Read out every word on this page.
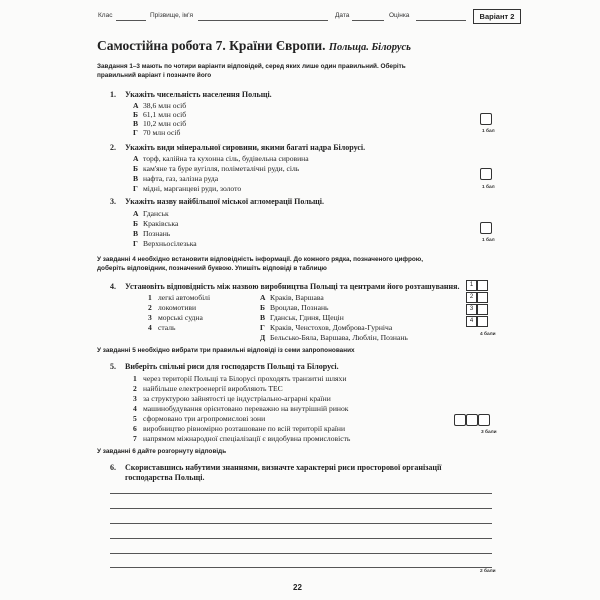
Клас	Прізвище, ім'я	Дата	Оцінка	Варіант 2
Самостійна робота 7. Країни Європи. Польща. Білорусь
Завдання 1–3 мають по чотири варіанти відповідей, серед яких лише один правильний. Оберіть
правильний варіант і позначте його
1. Укажіть чисельність населення Польщі.
А 38,6 млн осіб
Б 61,1 млн осіб
В 10,2 млн осіб
Г 70 млн осіб	1 бал
2. Укажіть види мінеральної сировини, якими багаті надра Білорусі.
А торф, калійна та кухонна сіль, будівельна сировина
Б кам'яне та буре вугілля, поліметалічні руди, сіль
В нафта, газ, залізна руда
Г мідні, марганцеві руди, золото	1 бал
3. Укажіть назву найбільшої міської агломерації Польщі.
А Гданськ
Б Краківська
В Познань
Г Верхньосілезька	1 бал
У завданні 4 необхідно встановити відповідність інформації. До кожного рядка, позначеного цифрою,
доберіть відповідник, позначений буквою. Упишіть відповіді в таблицю
4. Установіть відповідність між назвою виробництва Польщі та центрами його розташування.
1 легкі автомобілі
2 локомотиви
3 морські судна
4 сталь
А Краків, Варшава
Б Вроцлав, Познань
В Гданськ, Гдиня, Щецін
Г Краків, Ченстохов, Домброва-Гурнiча
Д Бельсько-Бяла, Варшава, Люблін, Познань
1
2
3
4
4 бали
У завданні 5 необхідно вибрати три правильні відповіді із семи запропонованих
5. Виберіть спільні риси для господарств Польщі та Білорусі.
1 через території Польщі та Білорусі проходять транзитні шляхи
2 найбільше електроенергії виробляють ТЕС
3 за структурою зайнятості це індустріально-аграрні країни
4 машинобудування орієнтовано переважно на внутрішній ринок
5 сформовано три агропромислові зони
6 виробництво рівномірно розташоване по всій території країни
7 напрямом міжнародної спеціалізації є видобувна промисловість
3 бали
У завданні 6 дайте розгорнуту відповідь
6. Скориставшись набутими знаннями, визначте характерні риси просторової організації
господарства Польщі.
2 бали
22
